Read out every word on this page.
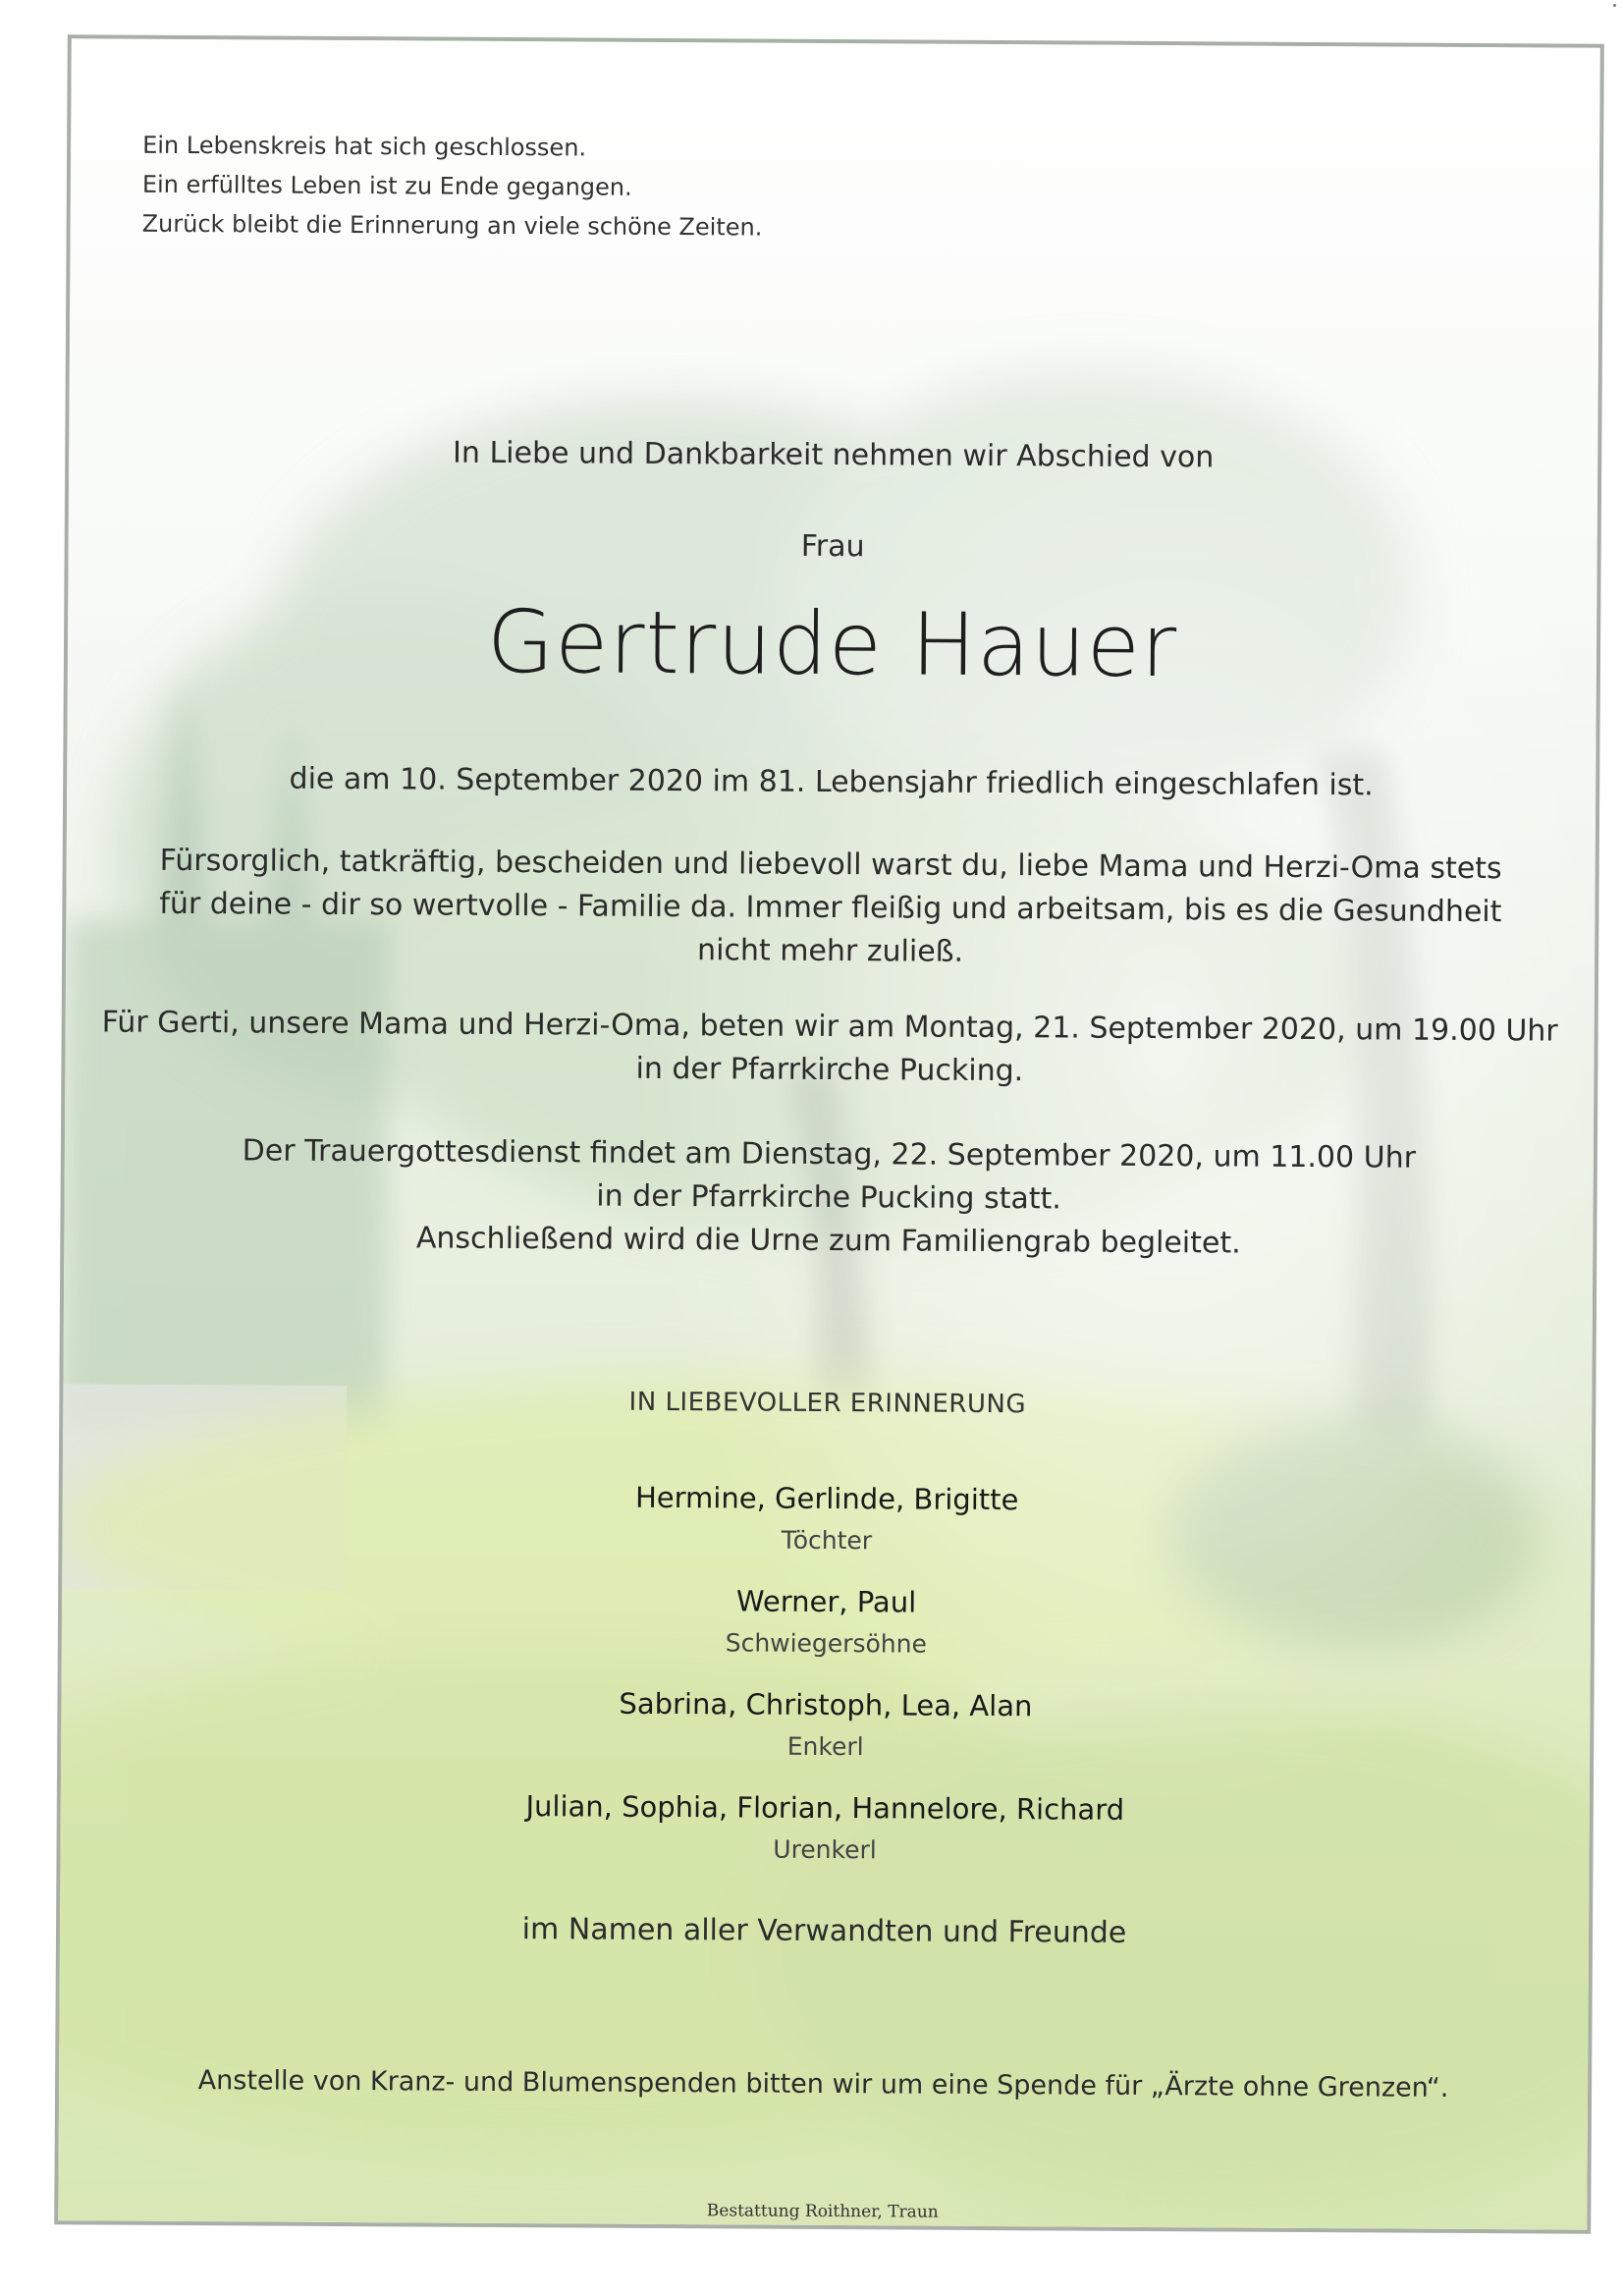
Ein Lebenskreis hat sich geschlossen.
Ein erfülltes Leben ist zu Ende gegangen.
Zurück bleibt die Erinnerung an viele schöne Zeiten.
In Liebe und Dankbarkeit nehmen wir Abschied von
Frau
Gertrude Hauer
die am 10. September 2020 im 81. Lebensjahr friedlich eingeschlafen ist.
Fürsorglich, tatkräftig, bescheiden und liebevoll warst du, liebe Mama und Herzi-Oma stets
für deine - dir so wertvolle - Familie da. Immer fleißig und arbeitsam, bis es die Gesundheit
nicht mehr zuließ.
Für Gerti, unsere Mama und Herzi-Oma, beten wir am Montag, 21. September 2020, um 19.00 Uhr
in der Pfarrkirche Pucking.
Der Trauergottesdienst findet am Dienstag, 22. September 2020, um 11.00 Uhr
in der Pfarrkirche Pucking statt.
Anschließend wird die Urne zum Familiengrab begleitet.
IN LIEBEVOLLER ERINNERUNG
Hermine, Gerlinde, Brigitte
Töchter
Werner, Paul
Schwiegersöhne
Sabrina, Christoph, Lea, Alan
Enkerl
Julian, Sophia, Florian, Hannelore, Richard
Urenkerl
im Namen aller Verwandten und Freunde
Anstelle von Kranz- und Blumenspenden bitten wir um eine Spende für „Ärzte ohne Grenzen“.
Bestattung Roithner, Traun
